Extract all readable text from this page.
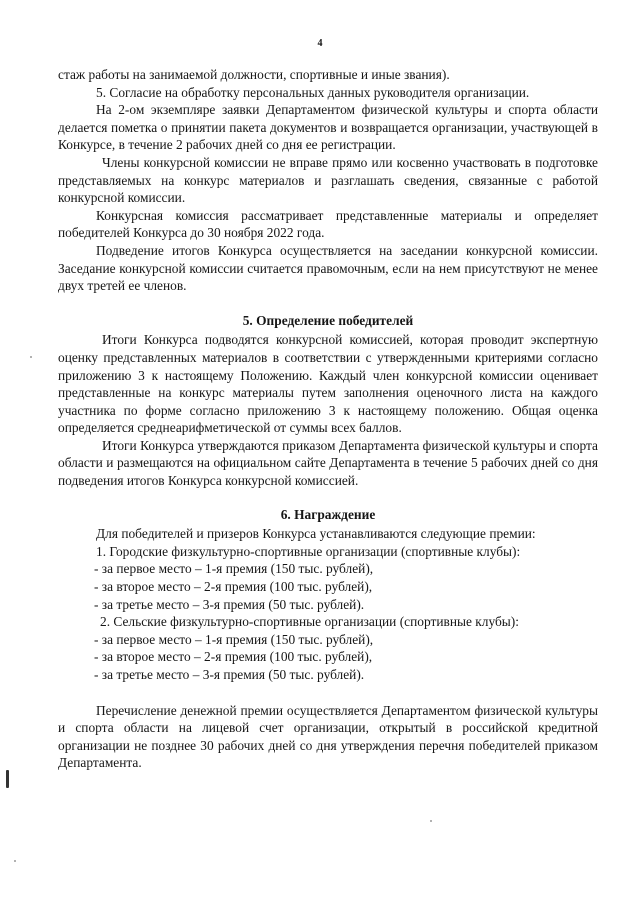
4

стаж работы на занимаемой должности, спортивные и иные звания).

5. Согласие на обработку персональных данных руководителя организации.

На 2-ом экземпляре заявки Департаментом физической культуры и спорта области делается пометка о принятии пакета документов и возвращается организации, участвующей в Конкурсе, в течение 2 рабочих дней со дня ее регистрации.

Члены конкурсной комиссии не вправе прямо или косвенно участвовать в подготовке представляемых на конкурс материалов и разглашать сведения, связанные с работой конкурсной комиссии.

Конкурсная комиссия рассматривает представленные материалы и определяет победителей Конкурса до 30 ноября 2022 года.

Подведение итогов Конкурса осуществляется на заседании конкурсной комиссии. Заседание конкурсной комиссии считается правомочным, если на нем присутствуют не менее двух третей ее членов.

5. Определение победителей

Итоги Конкурса подводятся конкурсной комиссией, которая проводит экспертную оценку представленных материалов в соответствии с утвержденными критериями согласно приложению 3 к настоящему Положению. Каждый член конкурсной комиссии оценивает представленные на конкурс материалы путем заполнения оценочного листа на каждого участника по форме согласно приложению 3 к настоящему положению. Общая оценка определяется среднеарифметической от суммы всех баллов.

Итоги Конкурса утверждаются приказом Департамента физической культуры и спорта области и размещаются на официальном сайте Департамента в течение 5 рабочих дней со дня подведения итогов Конкурса конкурсной комиссией.

6. Награждение

Для победителей и призеров Конкурса устанавливаются следующие премии:

1. Городские физкультурно-спортивные организации (спортивные клубы):

- за первое место – 1-я премия (150 тыс. рублей),

- за второе место – 2-я премия (100 тыс. рублей),

- за третье место – 3-я премия (50 тыс. рублей).

2. Сельские физкультурно-спортивные организации (спортивные клубы):

- за первое место – 1-я премия (150 тыс. рублей),

- за второе место – 2-я премия (100 тыс. рублей),

- за третье место – 3-я премия (50 тыс. рублей).

Перечисление денежной премии осуществляется Департаментом физической культуры и спорта области на лицевой счет организации, открытый в российской кредитной организации не позднее 30 рабочих дней со дня утверждения перечня победителей приказом Департамента.
